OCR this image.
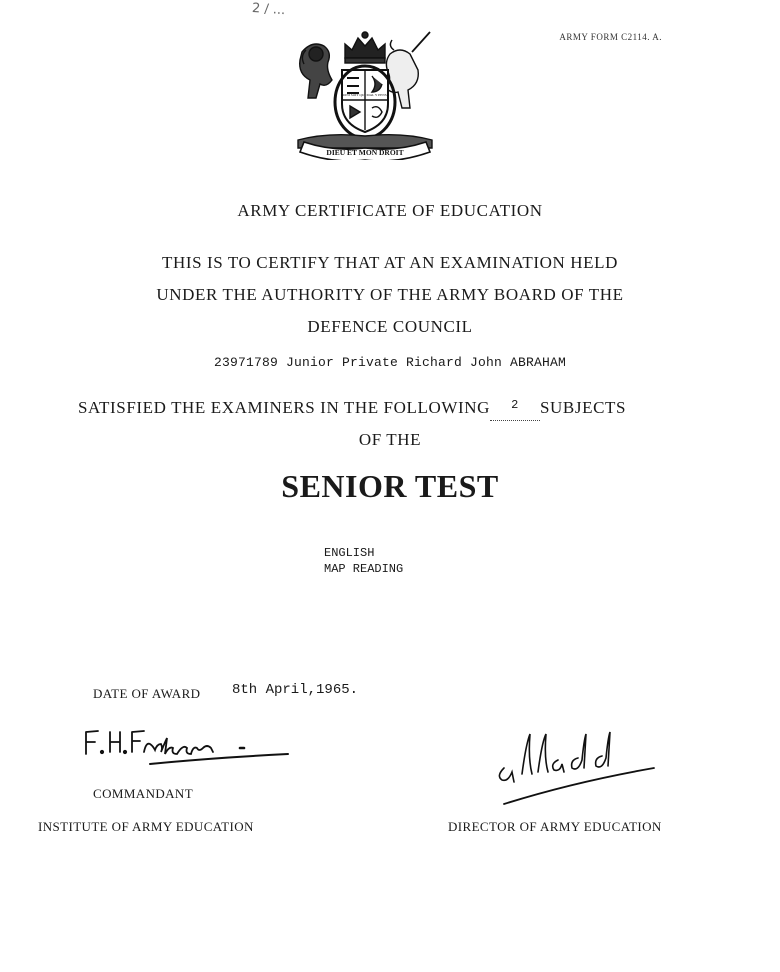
2 / ...
ARMY FORM C2114. A.
DIEU ET MON DROIT
HONI SOIT QUI MAL Y PENSE
ARMY CERTIFICATE OF EDUCATION
THIS IS TO CERTIFY THAT AT AN EXAMINATION HELD
UNDER THE AUTHORITY OF THE ARMY BOARD OF THE
DEFENCE COUNCIL
23971789 Junior Private Richard John ABRAHAM
SATISFIED THE EXAMINERS IN THE FOLLOWING 2 SUBJECTS
OF THE
SENIOR TEST
ENGLISH
MAP READING
DATE OF AWARD 8th April,1965.
COMMANDANT
INSTITUTE OF ARMY EDUCATION	DIRECTOR OF ARMY EDUCATION
